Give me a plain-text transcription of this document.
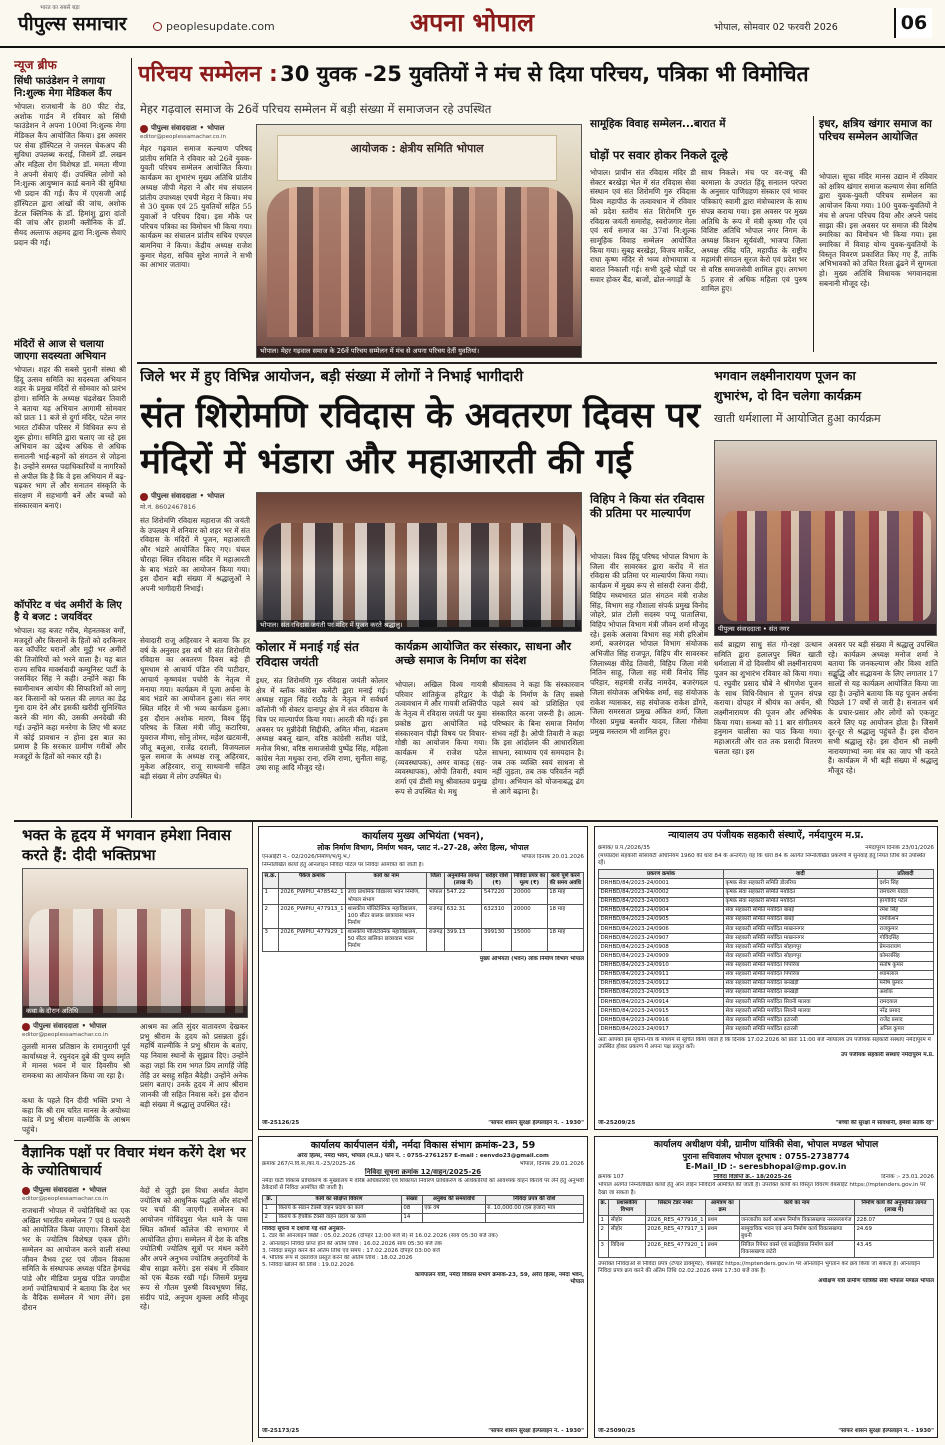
भारत का सबसे बड़ा
पीपुल्स समाचार	peoplesupdate.com	अपना भोपाल	भोपाल, सोमवार 02 फरवरी 2026	06
न्यूज ब्रीफ
सिंधी फाउंडेशन ने लगाया नि:शुल्क मेगा मेडिकल कैंप
भोपाल। राजधानी के 80 फीट रोड, अशोक गार्डन में रविवार को सिंधी फाउंडेशन ने अपना 100वां नि:शुल्क मेगा मेडिकल कैंप आयोजित किया। इस अवसर पर सेवा हॉस्पिटल ने जनरल चेकअप की सुविधा उपलब्ध कराई, जिसमें डॉ. लखन और महिला रोग विशेषज्ञ डॉ. ममता मीणा ने अपनी सेवाएं दीं। उपस्थित लोगों को नि:शुल्क आयुष्मान कार्ड बनाने की सुविधा भी प्रदान की गई। कैंप में एएसजी आई हॉस्पिटल द्वारा आंखों की जांच, अशोक डेंटल क्लिनिक के डॉ. हिमांशु द्वारा दांतों की जांच और हाशमी क्लीनिक के डॉ. सैयद अल्ताफ अहमद द्वारा नि:शुल्क सेवाएं प्रदान की गईं।
मंदिरों से आज से चलाया जाएगा सदस्यता अभियान
भोपाल। शहर की सबसे पुरानी संस्था श्री हिंदू उत्सव समिति का सदस्यता अभियान शहर के प्रमुख मंदिरों से सोमवार को प्रारंभ होगा। समिति के अध्यक्ष चंद्रशेखर तिवारी ने बताया यह अभियान आगामी सोमवार को प्रातः 11 बजे से दुर्गा मंदिर, पटेल नगर भारत टॉकीज परिसर में विधिवत रूप से शुरू होगा। समिति द्वारा चलाए जा रहे इस अभियान का उद्देश्य अधिक से अधिक सनातनी भाई-बहनों को संगठन से जोड़ना है। उन्होंने समस्त पदाधिकारियों व नागरिकों से अपील कि है कि वे इस अभियान में बढ़-चढ़कर भाग लें और सनातन संस्कृति के संरक्षण में सहभागी बनें और बच्चों को संस्कारवान बनाएं।
कॉर्पोरेट व चंद अमीरों के लिए है ये बजट : जयविंदर
भोपाल। यह बजट गरीब, मेहनतकश वर्गों, मजदूरों और किसानों के हितों को दरकिनार कर कॉर्पोरेट घरानों और मुट्ठी भर अमीरों की तिजोरियों को भरने वाला है। यह बात राज्य सचिव मार्क्सवादी कम्युनिस्ट पार्टी के जसविंदर सिंह ने कही। उन्होंने कहा कि स्वामीनाथन आयोग की सिफारिशों को लागू कर किसानों को फसल की लागत का डेढ़ गुना दाम देने और इसकी खरीदी सुनिश्चित करने की मांग की, उसकी अनदेखी की गई। उन्होंने कहा मनरेगा के लिए भी बजट में कोई प्रावधान न होना इस बात का प्रमाण है कि सरकार ग्रामीण गरीबों और मजदूरों के हितों को नकार रही है।
परिचय सम्मेलन : 30 युवक -25 युवतियों ने मंच से दिया परिचय, पत्रिका भी विमोचित
मेहर गढ़वाल समाज के 26वें परिचय सम्मेलन में बड़ी संख्या में समाजजन रहे उपस्थित
पीपुल्स संवाददाता • भोपाल
editor@peoplessamachar.co.in
मेहर गढ़वाल समाज कल्याण परिषद प्रांतीय समिति ने रविवार को 26वें युवक-युवती परिचय सम्मेलन आयोजित किया। कार्यक्रम का शुभारंभ मुख्य अतिथि प्रांतीय अध्यक्ष जीपी मेहरा ने और मंच संचालन प्रांतीय उपाध्यक्ष एचपी मेहरा ने किया। मंच से 30 युवक एवं 25 युवतियों सहित 55 युवाओं ने परिचय दिया। इस मौके पर परिचय पत्रिका का विमोचन भी किया गया। कार्यक्रम का संचालन प्रांतीय सचिव एचएल बामनिया ने किया। केंद्रीय अध्यक्ष राजेश कुमार मेहरा, सचिव सुरेश नागले ने सभी का आभार जताया।
आयोजक : क्षेत्रीय समिति भोपाल
भोपाल। मेहर गढ़वाल समाज के 26वें परिचय सम्मेलन में मंच से अपना परिचय देतीं युवतियां।
सामूहिक विवाह सम्मेलन...बारात में
घोड़ों पर सवार होकर निकले दूल्हे
भोपाल। प्राचीन संत रविदास मंदिर डी सेक्टर बरखेड़ा भेल में संत रविदास सेवा संस्थान एवं संत शिरोमणि गुरु रविदास विश्व महापीठ के तत्वावधान में रविवार को प्रदेश स्तरीय संत शिरोमणि गुरु रविदास जयंती समारोह, स्वरोजगार मेला एवं सर्व समाज का 37वां नि:शुल्क सामूहिक विवाह सम्मेलन आयोजित किया गया। सुबह बरखेड़ा, विजय मार्केट, राधा कृष्ण मंदिर से भव्य शोभायात्रा व बारात निकाली गई। सभी दूल्हे घोड़ों पर सवार होकर बैंड, बाजों, ढोल-नगाड़ों के
साथ निकले। मंच पर वर-वधू की बरमाला के उपरांत हिंदू सनातन परंपरा के अनुसार पाणिग्रहण संस्कार एवं भावर पत्रिकाएं स्वामी द्वारा मंत्रोच्चारण के साथ संपन्न कराया गया। इस अवसर पर मुख्य अतिथि के रूप में मंत्री कृष्णा गौर एवं विशिष्ट अतिथि भोपाल नगर निगम के अध्यक्ष किशन सूर्यवंशी, भाजपा जिला अध्यक्ष रविंद्र यति, महापीठ के राष्ट्रीय महामंत्री संगठन सूरज केरो एवं प्रदेश भर से वरिष्ठ समाजसेवी शामिल हुए। लगभग 5 हजार से अधिक महिला एवं पुरुष शामिल हुए।
इधर, क्षत्रिय खंगार समाज का परिचय सम्मेलन आयोजित
भोपाल। सूफा मंदिर मानस उद्यान में रविवार को क्षत्रिय खंगार समाज कल्याण सेवा समिति द्वारा युवक-युवती परिचय सम्मेलन का आयोजन किया गया। 100 युवक-युवतियों ने मंच से अपना परिचय दिया और अपने पसंद साझा की। इस अवसर पर समाज की विशेष स्मारिका का विमोचन भी किया गया। इस स्मारिका में विवाह योग्य युवक-युवतियों के विस्तृत विवरण प्रकाशित किए गए हैं, ताकि अभिभावकों को उचित रिश्ता ढूंढने में सुगमता हो। मुख्य अतिथि विधायक भगवानदास सबनानी मौजूद रहे।
जिले भर में हुए विभिन्न आयोजन, बड़ी संख्या में लोगों ने निभाई भागीदारी
संत शिरोमणि रविदास के अवतरण दिवस पर मंदिरों में भंडारा और महाआरती की गई
भगवान लक्ष्मीनारायण पूजन का
शुभारंभ, दो दिन चलेगा कार्यक्रम
खाती धर्मशाला में आयोजित हुआ कार्यक्रम
पीपुल्स संवाददाता • भोपाल
मो.नं. 8602467816
संत शिरोमणि रविदास महाराज की जयंती के उपलक्ष्य में शनिवार को शहर भर में संत रविदास के मंदिरों में पूजन, महाआरती और भंडारे आयोजित किए गए। चंचल चौराहा स्थित रविदास मंदिर में महाआरती के बाद भंडारे का आयोजन किया गया। इस दौरान बड़ी संख्या में श्रद्धालुओं ने अपनी भागीदारी निभाई।
सेवादारी राजू अहिरवार ने बताया कि हर वर्ष के अनुसार इस वर्ष भी संत शिरोमणि रविदास का अवतरण दिवस बड़े ही धूमधाम से आचार्य पंडित रवि पाटीदार, आचार्य कृष्णवंश पचोरी के नेतृत्व में मनाया गया। कार्यक्रम में पूजा अर्चना के बाद भंडारे का आयोजन हुआ। संत नगर स्थित मंदिर में भी भव्य कार्यक्रम हुआ। इस दौरान अशोक मारण, विश्व हिंदू परिषद के जिला मंत्री जीतू कटारिया, युवराज मीणा, सोनू तोमर, महेश खटवानी, जीतू बलूआ, राजेंद्र दराली, विजयलाल फूल समाज के अध्यक्ष राजू अहिरवार, मुकेश अहिरवार, राजू साथवानी सहित बड़ी संख्या में लोग उपस्थित थे।
भोपाल। संत रविदास जयंती पर मंदिर में पूजन करते श्रद्धालु।
विहिप ने किया संत रविदास की प्रतिमा पर माल्यार्पण
भोपाल। विश्व हिंदू परिषद भोपाल विभाग के जिला वीर सावरकर द्वारा करोंद में संत रविदास की प्रतिमा पर माल्यार्पण किया गया। कार्यक्रम में मुख्य रूप से सांसदी रंजना दीदी, विहिप मध्यभारत प्रांत संगठन मंत्री राजेश सिंह, विभाग सह गौशाला संपर्क प्रमुख विनोद जोहरे, प्रांत टोली सदस्य पप्पू पातालिया, विहिप भोपाल विभाग मंत्री जीवन शर्मा मौजूद रहे। इसके अलावा विभाग सह मंत्री हरिओम शर्मा, बजरंगदल भोपाल विभाग संयोजक अभिजीत सिंह राजपूत, विहिप वीर सावरकर जिलाध्यक्ष वीरेंद्र तिवारी, विहिप जिला मंत्री नितिन साहू, जिला सह मंत्री विनोद सिंह परिहार, सहमंत्री राजेंद्र नामदेव, बजरंगदल जिला संयोजक अभिषेक शर्मा, सह संयोजक राकेश ग्यासकर, सह संयोजक राकेश डोंगरे, जिला समरसता प्रमुख अंकित शर्मा, जिला गौरक्षा प्रमुख बलवीर यादव, जिला गौसेवा प्रमुख मस्तराम भी शामिल हुए।
पीपुल्स संवाददाता • संत नगर
सर्व ब्राह्मण साधु संत गो-रक्षा उत्थान समिति द्वारा हलालपुर स्थित खाती धर्मशाला में दो दिवसीय श्री लक्ष्मीनारायण पूजन का शुभारंभ रविवार को किया गया। पं. रघुवीर प्रसाद चौबे ने श्रीगणेश पूजन के साथ विधि-विधान से पूजन संपन्न कराया। दोपहर में श्रीयंत्र का अर्चन, श्री लक्ष्मीनारायण की पूजन और अभिषेक किया गया। सन्ध्या को 11 बार संगीतमय हनुमान चालीसा का पाठ किया गया। महाआरती और रात तक प्रसादी वितरण चलता रहा। इस
अवसर पर बड़ी संख्या में श्रद्धालु उपस्थित रहे। कार्यक्रम अध्यक्ष मनोज शर्मा ने बताया कि जनकल्याण और विश्व शांति सद्बुद्धि और सद्भावना के लिए लगातार 17 सालों से यह कार्यक्रम आयोजित किया जा रहा है। उन्होंने बताया कि यह पूजन अर्चना पिछले 17 वर्षों से जारी है। सनातन धर्म के प्रचार-प्रसार और लोगों को एकजुट करने लिए यह आयोजन होता है। जिसमें दूर-दूर से श्रद्धालु पहुंचते हैं। इस दौरान सभी श्रद्धालु रहे। इस दौरान श्री लक्ष्मी नारायणाभ्यां नमः मंत्र का जाप भी करते हैं। कार्यक्रम में भी बड़ी संख्या में श्रद्धालु मौजूद रहे।
कोलार में मनाई गई संत रविदास जयंती
इधर, संत शिरोमणि गुरु रविदास जयंती कोलार क्षेत्र में ब्लॉक कांग्रेस कमेटी द्वारा मनाई गई। अध्यक्ष राहुल सिंह राठौड़ के नेतृत्व में सर्वधर्म कॉलोनी भी सेक्टर दानापुर क्षेत्र में संत रविदास के चित्र पर माल्यार्पण किया गया। आरती की गई। इस अवसर पर मुन्नीदेवी सिद्दीकी, अमित मीना, मंडलम अध्यक्ष बबलू खान, वरिष्ठ कांग्रेसी सतीश पांडे, मनोज मिश्रा, वरिष्ठ समाजसेवी पुष्पेंद्र सिंह, महिला कांग्रेस नेता मधुका राना, रश्मि राणा, सुनीता साहू, उषा साहू आदि मौजूद रहे।
कार्यक्रम आयोजित कर संस्कार, साधना और अच्छे समाज के निर्माण का संदेश
भोपाल। अखिल विश्व गायत्री परिवार शांतिकुंज हरिद्वार के तत्वावधान में और गायत्री शक्तिपीठ के नेतृत्व में रविदास जयंती पर युवा प्रकोष्ठ द्वारा आयोजित मढ़े संस्कारवान पीढ़ी विषय पर विचार-गोष्ठी का आयोजन किया गया। कार्यक्रम में राजेश पटेल (व्यवस्थापक), अमर वाकड़ (सह-व्यवस्थापक), ओपी तिवारी, श्याम शर्मा एवं डीसी मधु श्रीवास्तव प्रमुख रूप से उपस्थित थे। मधु
श्रीवास्तव ने कहा कि संस्कारवान पीढ़ी के निर्माण के लिए सबसे पहले स्वयं को प्रशिक्षित एवं संस्कारित करना जरूरी है। आत्म-परिष्कार के बिना समाज निर्माण संभव नहीं है। ओपी तिवारी ने कहा कि इस आंदोलन की आधारशिला साधना, स्वाध्याय एवं समयदान है। जब तक व्यक्ति स्वयं साधना से नहीं जुड़ता, तब तक परिवर्तन नहीं होगा। अभियान को योजनाबद्ध ढंग से आगे बढ़ाना है।
भक्त के हृदय में भगवान हमेशा निवास करते हैं: दीदी भक्तिप्रभा
कथा के दौरान अतिथि
पीपुल्स संवाददाता • भोपाल
editor@peoplessamachar.co.in
तुलसी मानस प्रतिष्ठान के रामानुरागी पूर्व कार्याध्यक्ष ने. रघुनंदन दुबे की पुण्य स्मृति में मानस भवन में चार दिवसीय श्री रामकथा का आयोजन किया जा रहा है।
कथा के पहले दिन दीदी भक्ति प्रभा ने कहा कि श्री राम चरित मानस के अयोध्या कांड में प्रभु श्रीराम वाल्मीकि के आश्रम पहुंचे।
आश्रम का अति सुंदर वातावरण देखकर प्रभु श्रीराम के हृदय को प्रसन्नता हुई। महर्षि वाल्मीकि ने प्रभु श्रीराम के बताए, यह निवास स्थानों के सुझाव दिए। उन्होंने कहा जहां कि राम भगत प्रिय लागहिं जेहि तेहि उर बसहु सहित बैदेही। उन्होंने अनेक प्रसंग बताए। उनके हृदय में आप श्रीराम जानकी जी सहित निवास करें। इस दौरान बड़ी संख्या में श्रद्धालु उपस्थित रहे।
वैज्ञानिक पक्षों पर विचार मंथन करेंगे देश भर के ज्योतिषाचार्य
पीपुल्स संवाददाता • भोपाल
editor@peoplessamachar.co.in
राजधानी भोपाल में ज्योतिषियों का एक अखिल भारतीय सम्मेलन 7 एवं 8 फरवरी को आयोजित किया जाएगा। जिसमें देश भर के ज्योतिष विशेषज्ञ एकत्र होंगे। सम्मेलन का आयोजन करने वाली संस्था जीवन वैभव ट्रस्ट एवं जीवन विकास समिति के संस्थापक अध्यक्ष पंडित हेमचंद्र पांडे और मीडिया प्रमुख पंडित जगदीश शर्मा ज्योतिषाचार्य ने बताया कि देश भर के वैदिक सम्मेलन में भाग लेंगे। इस दौरान
वेदों से जुड़ी इस विधा अर्थात वेदांग ज्योतिष को आधुनिक पद्धति और संदर्भों पर चर्चा की जाएगी। सम्मेलन का आयोजन गोविंदपुरा भेल थाने के पास स्थित कॉमर्स कॉलेज की सभागार में आयोजित होगा। सम्मेलन में देश के वरिष्ठ ज्योतिषी ज्योतिष सूत्रों पर मंथन करेंगे और अपने अनुभव ज्योतिष अनुरागियों के बीच साझा करेंगे। इस संबंध में रविवार को एक बैठक रखी गई। जिसमें प्रमुख रूप से गौतम पुरुषी विश्वभूषण सिंह, संदीप पांडे, अनूपम शुक्ला आदि मौजूद रहे।
कार्यालय मुख्य अभियंता (भवन),
लोक निर्माण विभाग, निर्माण भवन, प्लाट नं.-27-28, अरेरा हिल्स, भोपाल
एनआईटी नं.- 02/2026/निर्माण/भ/मु.भ./	भोपाल दिनांक 20.01.2026
निम्नलिखित कार्यों हेतु ऑनलाइन निविदा पोर्टल पर निविदा आमंत्रित की जाती है।
स.क्र.	पैकेज क्रमांक	कार्य का नाम	जिला	अनुमानित लागत (लाख में)	धरोहर राशि (₹)	निविदा प्रपत्र का मूल्य (₹)	कार्य पूर्ण करने की समय अवधि
1	2026_PWPIU_478542_1	उच्च प्राथमिक विद्यालय भवन निर्माण, भोपाल संभाग	भोपाल	547.22	547220	20000	18 माह
2	2026_PWPIU_477913_1	शासकीय पॉलिटेक्निक महाविद्यालय, 100 सीटर बालक छात्रावास भवन निर्माण	राजगढ़	632.31	632310	20000	18 माह
3	2026_PWPIU_477929_1	शासकीय पॉलिटेक्निक महाविद्यालय, 50 सीटर बालिका छात्रावास भवन निर्माण	राजगढ़	399.13	399130	15000	18 माह
मुख्य अभियंता (भवन) लोक निर्माण विभाग भोपाल
जी-25126/25	"साफर शासन सुरक्षा हेल्पलाइन नं. - 1930"
न्यायालय उप पंजीयक सहकारी संस्थाऐं, नर्मदापुरम म.प्र.
क्रमांक/ प्र.प./2026/35	नर्मदापुरम दिनांक 23/01/2026
(मध्यप्रदेश सहकारी सोसायटी अधिनियम 1960 की धारा 84 के अन्तर्गत) यह कि धारा 84 के अंतर्गत निम्नलिखित प्रकरणों में सुनवाई हेतु नियत तिथि को उपस्थित रहें।
प्रकरण क्रमांक	वादी	प्रतिवादी
DRHBD/84/2023-24/0001	कृषक सेवा सहकारी समिति डोलरिया	दर्शन सिंह
DRHBD/84/2023-24/0002	कृषक सेवा सहकारी समिति मर्यादित	रामचरण यादव
DRHBD/84/2023-24/0003	कृषक सेवा सहकारी समिति मर्यादित	हरगोविंद पटेल
DRHBD/84/2023-24/0904	सेवा सहकारी समिति मर्यादित बाबई	रमेश सिंह
DRHBD/84/2023-24/0905	सेवा सहकारी समिति मर्यादित बाबई	रामकिशन
DRHBD/84/2023-24/0906	सेवा सहकारी समिति मर्यादित माखननगर	राजकुमार
DRHBD/84/2023-24/0907	सेवा सहकारी समिति मर्यादित माखननगर	गोविंदसिंह
DRHBD/84/2023-24/0908	सेवा सहकारी समिति मर्यादित सोहागपुर	प्रेमनारायण
DRHBD/84/2023-24/0909	सेवा सहकारी समिति मर्यादित सोहागपुर	कोमलसिंह
DRHBD/84/2023-24/0910	सेवा सहकारी समिति मर्यादित पिपरिया	संतोष कुमार
DRHBD/84/2023-24/0911	सेवा सहकारी समिति मर्यादित पिपरिया	श्यामलाल
DRHBD/84/2023-24/0912	सेवा सहकारी समिति मर्यादित बनखेड़ी	मनीष कुमार
DRHBD/84/2023-24/0913	सेवा सहकारी समिति मर्यादित बनखेड़ी	अशोक
DRHBD/84/2023-24/0914	सेवा सहकारी समिति मर्यादित सिवनी मालवा	रामदयाल
DRHBD/84/2023-24/0915	सेवा सहकारी समिति मर्यादित सिवनी मालवा	नरेंद्र प्रसाद
DRHBD/84/2023-24/0916	सेवा सहकारी समिति मर्यादित इटारसी	राजेंद्र प्रसाद
DRHBD/84/2023-24/0917	सेवा सहकारी समिति मर्यादित इटारसी	अनिल कुमार
अतः आपको इस सूचना-पत्र के माध्यम से सूचित किया जाता है कि दिनांक 17.02.2026 को प्रातः 11:00 बजे न्यायालय उप पंजीयक सहकारी संस्थाएं नर्मदापुरम में उपस्थित होकर प्रकरण में अपना पक्ष प्रस्तुत करें।
उप पंजीयक सहकारी संस्थाऐं नर्मदापुरम म.प्र.
जी-25209/25	"बच्चों की सुरक्षा में सावधानी, हमेशा सतर्क रहें"
कार्यालय कार्यपालन यंत्री, नर्मदा विकास संभाग क्रमांक-23, 59
अरेरा हिल्स, नर्मदा भवन, भोपाल (म.प्र.) फोन नं. : 0755-2761257 E-mail : eenvdo23@gmail.com
क्रमांक 267/न.वि.सं./का.य.-23/2025-26	भोपाल, दिनांक 29.01.2026
निविदा सूचना क्रमांक 12/वाहन/2025-26
नर्मदा घाटी विकास प्राधिकरण के मुख्यालय में वरिष्ठ अधिकारियों एवं शिकायत निवारण प्राधिकरण के अधिकारियों को आवश्यक वाहन किराये पर लेने हेतु अनुभवी ठेकेदारों से निविदा आमंत्रित की जाती है।
क्र.	कार्य का संक्षिप्त विवरण	संख्या	अनुबंध की समयावधि	निविदा प्रपत्र की राशि
1	किराये के सेडान टैक्सी वाहन प्रदाय का कार्य	08	एक वर्ष	रु. 10,000.00 (दस हजार) मात्र
2	किराये के हैचबैक टैक्सी वाहन प्रदाय का कार्य	14		
निविदा सूचना में दर्शायी गई शर्तें अनुसार-
1. टेंडर की ऑनलाइन बिक्री : 05.02.2026 (दोपहर 12:00 बजे से) से 16.02.2026 (सायं 05:30 बजे तक)
2. ऑनलाइन निविदा प्राप्त होने की अंतिम तिथि : 16.02.2026 सायं 05:30 बजे तक
3. निविदा प्रस्तुत करने की अंतिम तिथि एवं समय : 17.02.2026 दोपहर 03:00 बजे
4. भौतिक रूप से दस्तावेज प्रस्तुत करने की अंतिम तिथि : 18.02.2026
5. निविदा खोलने की तिथि : 19.02.2026
कार्यपालन यंत्री, नर्मदा विकास संभाग क्रमांक-23, 59, अरेरा हिल्स, नर्मदा भवन, भोपाल
जी-25173/25	"साफर शासन सुरक्षा हेल्पलाइन नं. - 1930"
कार्यालय अधीक्षण यंत्री, ग्रामीण यांत्रिकी सेवा, भोपाल मण्डल भोपाल
पुराना सचिवालय भोपाल दूरभाष : 0755-2738774
E-Mail_ID :- seresbhopal@mp.gov.in
क्रमांक 107	निविदा विज्ञप्ति क्र.- 18/2025-26	दिनांक :- 23.01.2026
भोपाल अंतर्गत निम्नलिखित कार्यों हेतु ऑन लाईन निविदायें आमंत्रित की जाती है। उपरोक्त कार्यों का विस्तृत विवरण वेबसाईट https://mptenders.gov.in पर देखा जा सकता है।
क्र.	प्रशासकीय विभाग	सिस्टम टेंडर नम्बर	आमंत्रण का क्रम	कार्य का नाम	निर्माण कार्य की अनुमानित लागत (लाख में)
1	सीहोर	2026_RES_477916_1	प्रथम	जनजातीय कार्य आश्रम निर्माण विकासखण्ड नसरुल्लागंज	228.07
2	सीहोर	2026_RES_477917_1	प्रथम	सामुदायिक भवन एवं अन्य निर्माण कार्य विकासखण्ड बुधनी	24.69
3	विदिशा	2026_RES_477920_1	प्रथम	सिविल रिपेयर वर्क्स एवं बाउंड्रीवाल निर्माण कार्य विकासखण्ड लटेरी	43.45
उपरोक्त निविदाओं से निविदा प्रपत्र (टेण्डर डाक्यूमेंट), वेबसाईट https://mptenders.gov.in पर ऑनलाईन भुगतान कर क्रय किया जा सकता है। ऑनलाईन निविदा प्रपत्र क्रय करने की अंतिम तिथि 02.02.2026 समय 17:30 बजे तक है।
अधीक्षण यंत्री ग्रामीण यांत्रिकी सेवा भोपाल मण्डल भोपाल
जी-25090/25	"साफर शासन सुरक्षा हेल्पलाइन नं. - 1930"
